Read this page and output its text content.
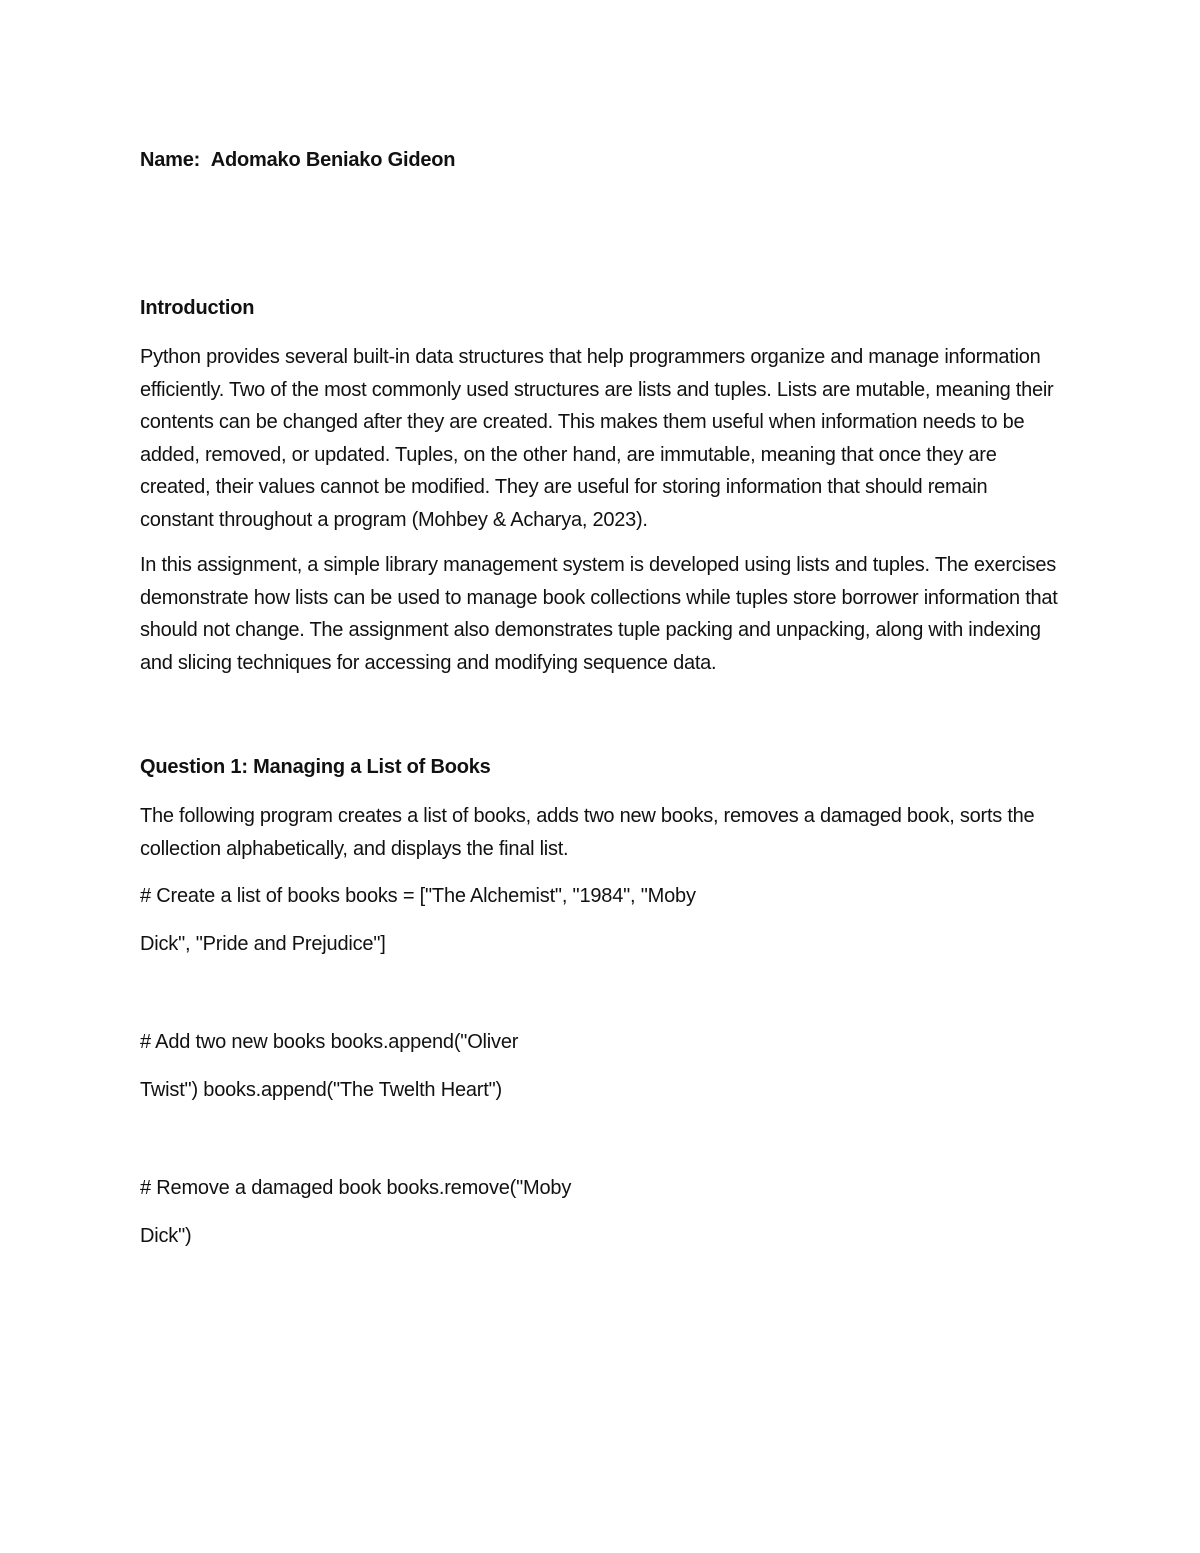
Name: Adomako Beniako Gideon

Introduction

Python provides several built-in data structures that help programmers organize and manage information efficiently. Two of the most commonly used structures are lists and tuples. Lists are mutable, meaning their contents can be changed after they are created. This makes them useful when information needs to be added, removed, or updated. Tuples, on the other hand, are immutable, meaning that once they are created, their values cannot be modified. They are useful for storing information that should remain constant throughout a program (Mohbey & Acharya, 2023).

In this assignment, a simple library management system is developed using lists and tuples. The exercises demonstrate how lists can be used to manage book collections while tuples store borrower information that should not change. The assignment also demonstrates tuple packing and unpacking, along with indexing and slicing techniques for accessing and modifying sequence data.

Question 1: Managing a List of Books

The following program creates a list of books, adds two new books, removes a damaged book, sorts the collection alphabetically, and displays the final list.

# Create a list of books books = ["The Alchemist", "1984", "Moby

Dick", "Pride and Prejudice"]

# Add two new books books.append("Oliver

Twist") books.append("The Twelth Heart")

# Remove a damaged book books.remove("Moby

Dick")
